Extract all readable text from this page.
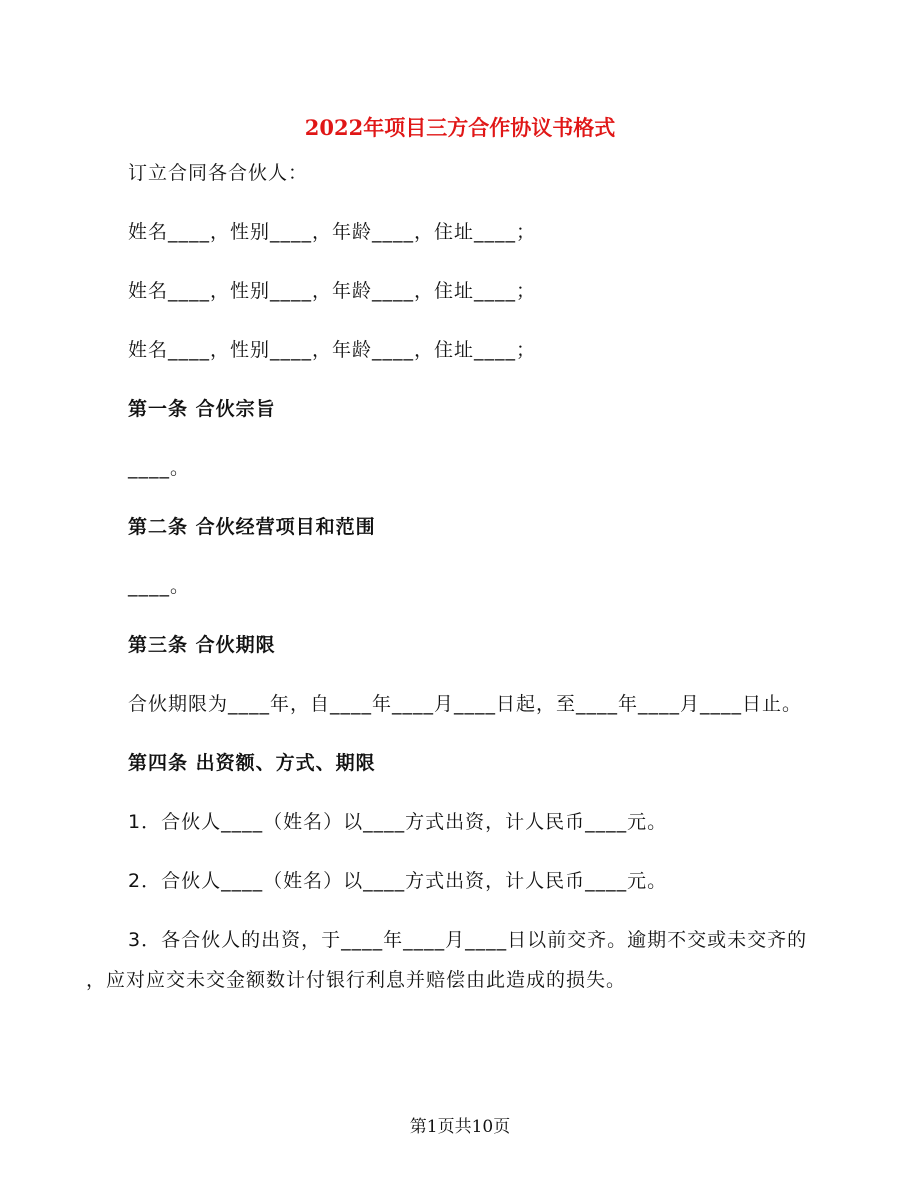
2022年项目三方合作协议书格式
订立合同各合伙人：
姓名____，性别____，年龄____，住址____；
姓名____，性别____，年龄____，住址____；
姓名____，性别____，年龄____，住址____；
第一条 合伙宗旨
____。
第二条 合伙经营项目和范围
____。
第三条 合伙期限
合伙期限为____年，自____年____月____日起，至____年____月____日止。
第四条 出资额、方式、期限
1．合伙人____（姓名）以____方式出资，计人民币____元。
2．合伙人____（姓名）以____方式出资，计人民币____元。
3．各合伙人的出资，于____年____月____日以前交齐。逾期不交或未交齐的
，应对应交未交金额数计付银行利息并赔偿由此造成的损失。
第1页共10页
